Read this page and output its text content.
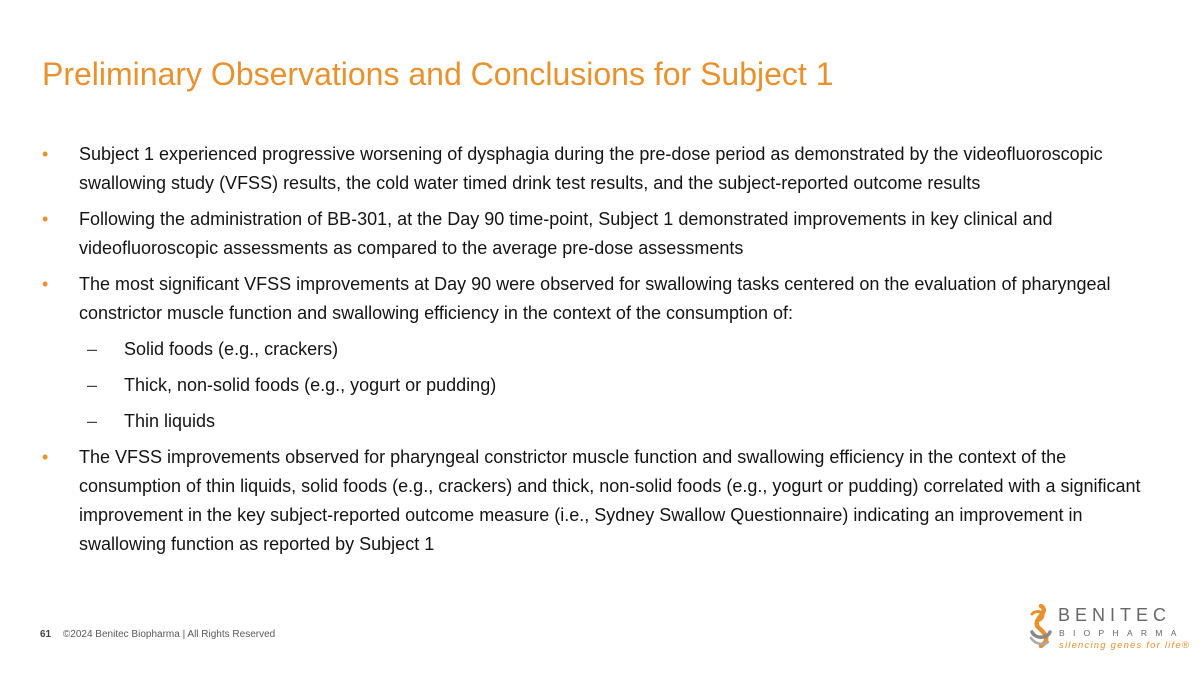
Preliminary Observations and Conclusions for Subject 1
• Subject 1 experienced progressive worsening of dysphagia during the pre-dose period as demonstrated by the videofluoroscopic swallowing study (VFSS) results, the cold water timed drink test results, and the subject-reported outcome results
• Following the administration of BB-301, at the Day 90 time-point, Subject 1 demonstrated improvements in key clinical and videofluoroscopic assessments as compared to the average pre-dose assessments
• The most significant VFSS improvements at Day 90 were observed for swallowing tasks centered on the evaluation of pharyngeal constrictor muscle function and swallowing efficiency in the context of the consumption of:
– Solid foods (e.g., crackers)
– Thick, non-solid foods (e.g., yogurt or pudding)
– Thin liquids
• The VFSS improvements observed for pharyngeal constrictor muscle function and swallowing efficiency in the context of the consumption of thin liquids, solid foods (e.g., crackers) and thick, non-solid foods (e.g., yogurt or pudding) correlated with a significant improvement in the key subject-reported outcome measure (i.e., Sydney Swallow Questionnaire) indicating an improvement in swallowing function as reported by Subject 1
61 ©2024 Benitec Biopharma | All Rights Reserved
BENITEC
BIOPHARMA
silencing genes for life®
